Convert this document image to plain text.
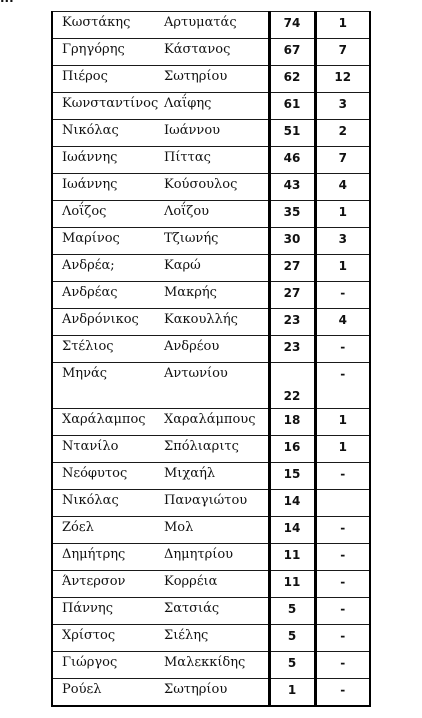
Κωστάκης	Αρτυματάς	74	1
Γρηγόρης	Κάστανος	67	7
Πιέρος	Σωτηρίου	62	12
Κωνσταντίνος	Λαΐφης	61	3
Νικόλας	Ιωάννου	51	2
Ιωάννης	Πίττας	46	7
Ιωάννης	Κούσουλος	43	4
Λοΐζος	Λοΐζου	35	1
Μαρίνος	Τζιωνής	30	3
Ανδρέα;	Καρώ	27	1
Ανδρέας	Μακρής	27	-
Ανδρόνικος	Κακουλλής	23	4
Στέλιος	Ανδρέου	23	-
Μηνάς	Αντωνίου	22	-
Χαράλαμπος	Χαραλάμπους	18	1
Ντανίλο	Σπόλιαριτς	16	1
Νεόφυτος	Μιχαήλ	15	-
Νικόλας	Παναγιώτου	14	
Ζόελ	Μολ	14	-
Δημήτρης	Δημητρίου	11	-
Άντερσον	Κορρέια	11	-
Πάννης	Σατσιάς	5	-
Χρίστος	Σιέλης	5	-
Γιώργος	Μαλεκκίδης	5	-
Ρούελ	Σωτηρίου	1	-
